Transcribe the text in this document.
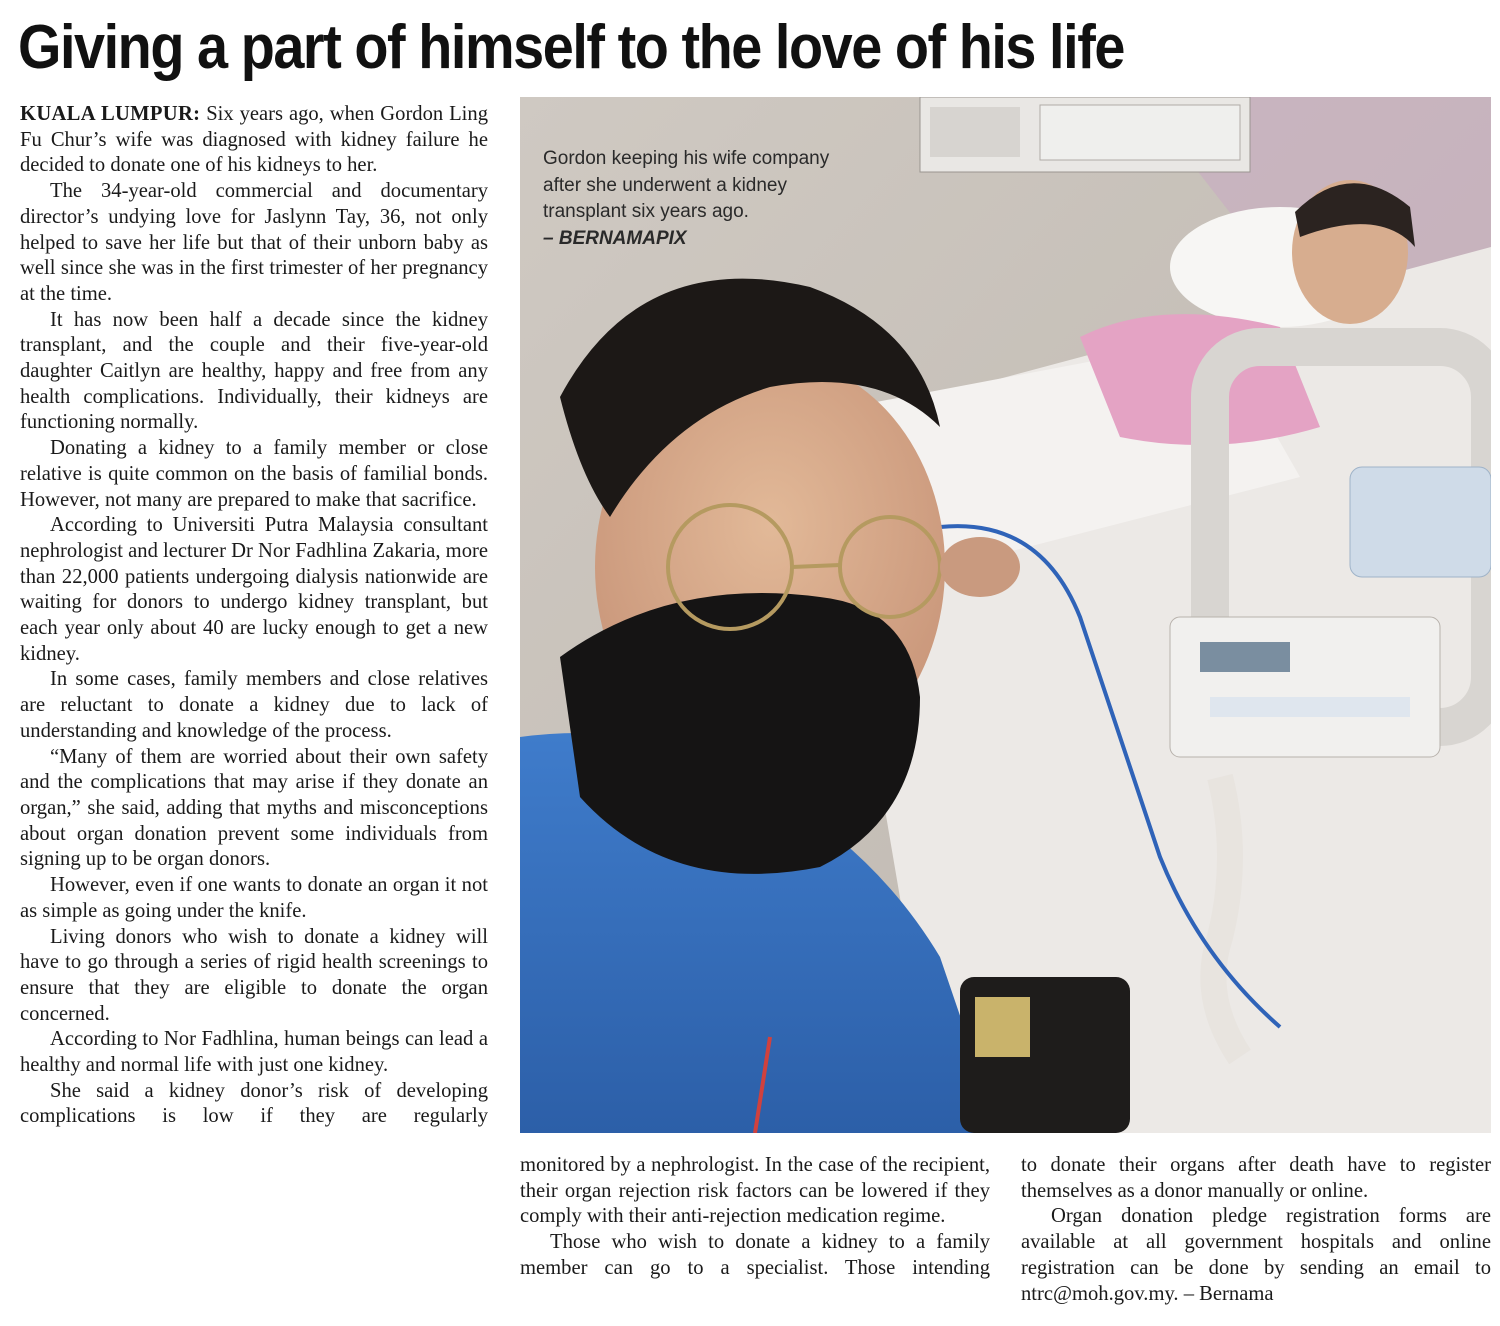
Giving a part of himself to the love of his life

KUALA LUMPUR: Six years ago, when Gordon Ling Fu Chur’s wife was diagnosed with kidney failure he decided to donate one of his kidneys to her.

The 34-year-old commercial and documentary director’s undying love for Jaslynn Tay, 36, not only helped to save her life but that of their unborn baby as well since she was in the first trimester of her pregnancy at the time.

It has now been half a decade since the kidney transplant, and the couple and their five-year-old daughter Caitlyn are healthy, happy and free from any health complications. Individually, their kidneys are functioning normally.

Donating a kidney to a family member or close relative is quite common on the basis of familial bonds. However, not many are prepared to make that sacrifice.

According to Universiti Putra Malaysia consultant nephrologist and lecturer Dr Nor Fadhlina Zakaria, more than 22,000 patients undergoing dialysis nationwide are waiting for donors to undergo kidney transplant, but each year only about 40 are lucky enough to get a new kidney.

In some cases, family members and close relatives are reluctant to donate a kidney due to lack of understanding and knowledge of the process.

“Many of them are worried about their own safety and the complications that may arise if they donate an organ,” she said, adding that myths and misconceptions about organ donation prevent some individuals from signing up to be organ donors.

However, even if one wants to donate an organ it not as simple as going under the knife.

Living donors who wish to donate a kidney will have to go through a series of rigid health screenings to ensure that they are eligible to donate the organ concerned.

According to Nor Fadhlina, human beings can lead a healthy and normal life with just one kidney.

She said a kidney donor’s risk of developing complications is low if they are regularly

Gordon keeping his wife company
after she underwent a kidney
transplant six years ago.
– BERNAMAPIX

monitored by a nephrologist. In the case of the recipient, their organ rejection risk factors can be lowered if they comply with their anti-rejection medication regime.

Those who wish to donate a kidney to a family member can go to a specialist. Those intending

to donate their organs after death have to register themselves as a donor manually or online.

Organ donation pledge registration forms are available at all government hospitals and online registration can be done by sending an email to ntrc@moh.gov.my. – Bernama
